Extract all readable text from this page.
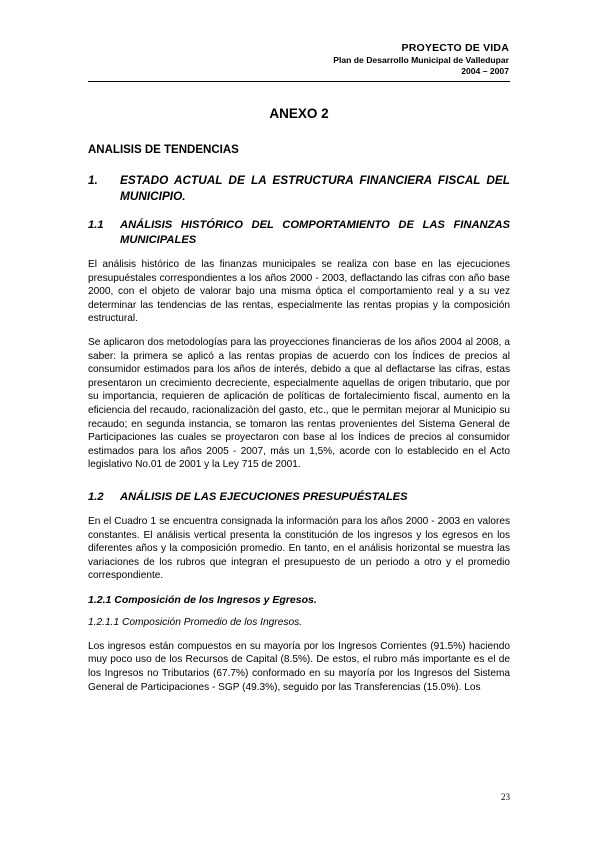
PROYECTO DE VIDA
Plan de Desarrollo Municipal de Valledupar
2004 – 2007
ANEXO 2
ANALISIS DE TENDENCIAS
1.	ESTADO ACTUAL DE LA ESTRUCTURA FINANCIERA FISCAL DEL MUNICIPIO.
1.1	ANÁLISIS HISTÓRICO DEL COMPORTAMIENTO DE LAS FINANZAS MUNICIPALES

El análisis histórico de las finanzas municipales se realiza con base en las ejecuciones presupuéstales correspondientes a los años 2000 - 2003, deflactando las cifras con año base 2000, con el objeto de valorar bajo una misma óptica el comportamiento real y a su vez determinar las tendencias de las rentas, especialmente las rentas propias y la composición estructural.

Se aplicaron dos metodologías para las proyecciones financieras de los años 2004 al 2008, a saber: la primera se aplicó a las rentas propias de acuerdo con los Índices de precios al consumidor estimados para los años de interés, debido a que al deflactarse las cifras, estas presentaron un crecimiento decreciente, especialmente aquellas de origen tributario, que por su importancia, requieren de aplicación de políticas de fortalecimiento fiscal, aumento en la eficiencia del recaudo, racionalizaciòn del gasto, etc., que le permitan mejorar al Municipio su recaudo; en segunda instancia, se tomaron las rentas provenientes del Sistema General de Participaciones las cuales se proyectaron con base al los Índices de precios al consumidor estimados para los años 2005 - 2007, más un 1,5%, acorde con lo establecido en el Acto legislativo No.01 de 2001 y la Ley 715 de 2001.

1.2	ANÁLISIS DE LAS EJECUCIONES PRESUPUÉSTALES

En el Cuadro 1 se encuentra consignada la información para los años 2000 - 2003 en valores constantes. El análisis vertical presenta la constitución de los ingresos y los egresos en los diferentes años y la composición promedio. En tanto, en el análisis horizontal se muestra las variaciones de los rubros que integran el presupuesto de un periodo a otro y el promedio correspondiente.

1.2.1 Composición de los Ingresos y Egresos.
1.2.1.1 Composición Promedio de los Ingresos.

Los ingresos están compuestos en su mayoría por los Ingresos Corrientes (91.5%) haciendo muy poco uso de los Recursos de Capital (8.5%). De estos, el rubro más importante es el de los Ingresos no Tributarios (67.7%) conformado en su mayoría por los Ingresos del Sistema General de Participaciones - SGP (49.3%), seguido por las Transferencias (15.0%). Los

23
